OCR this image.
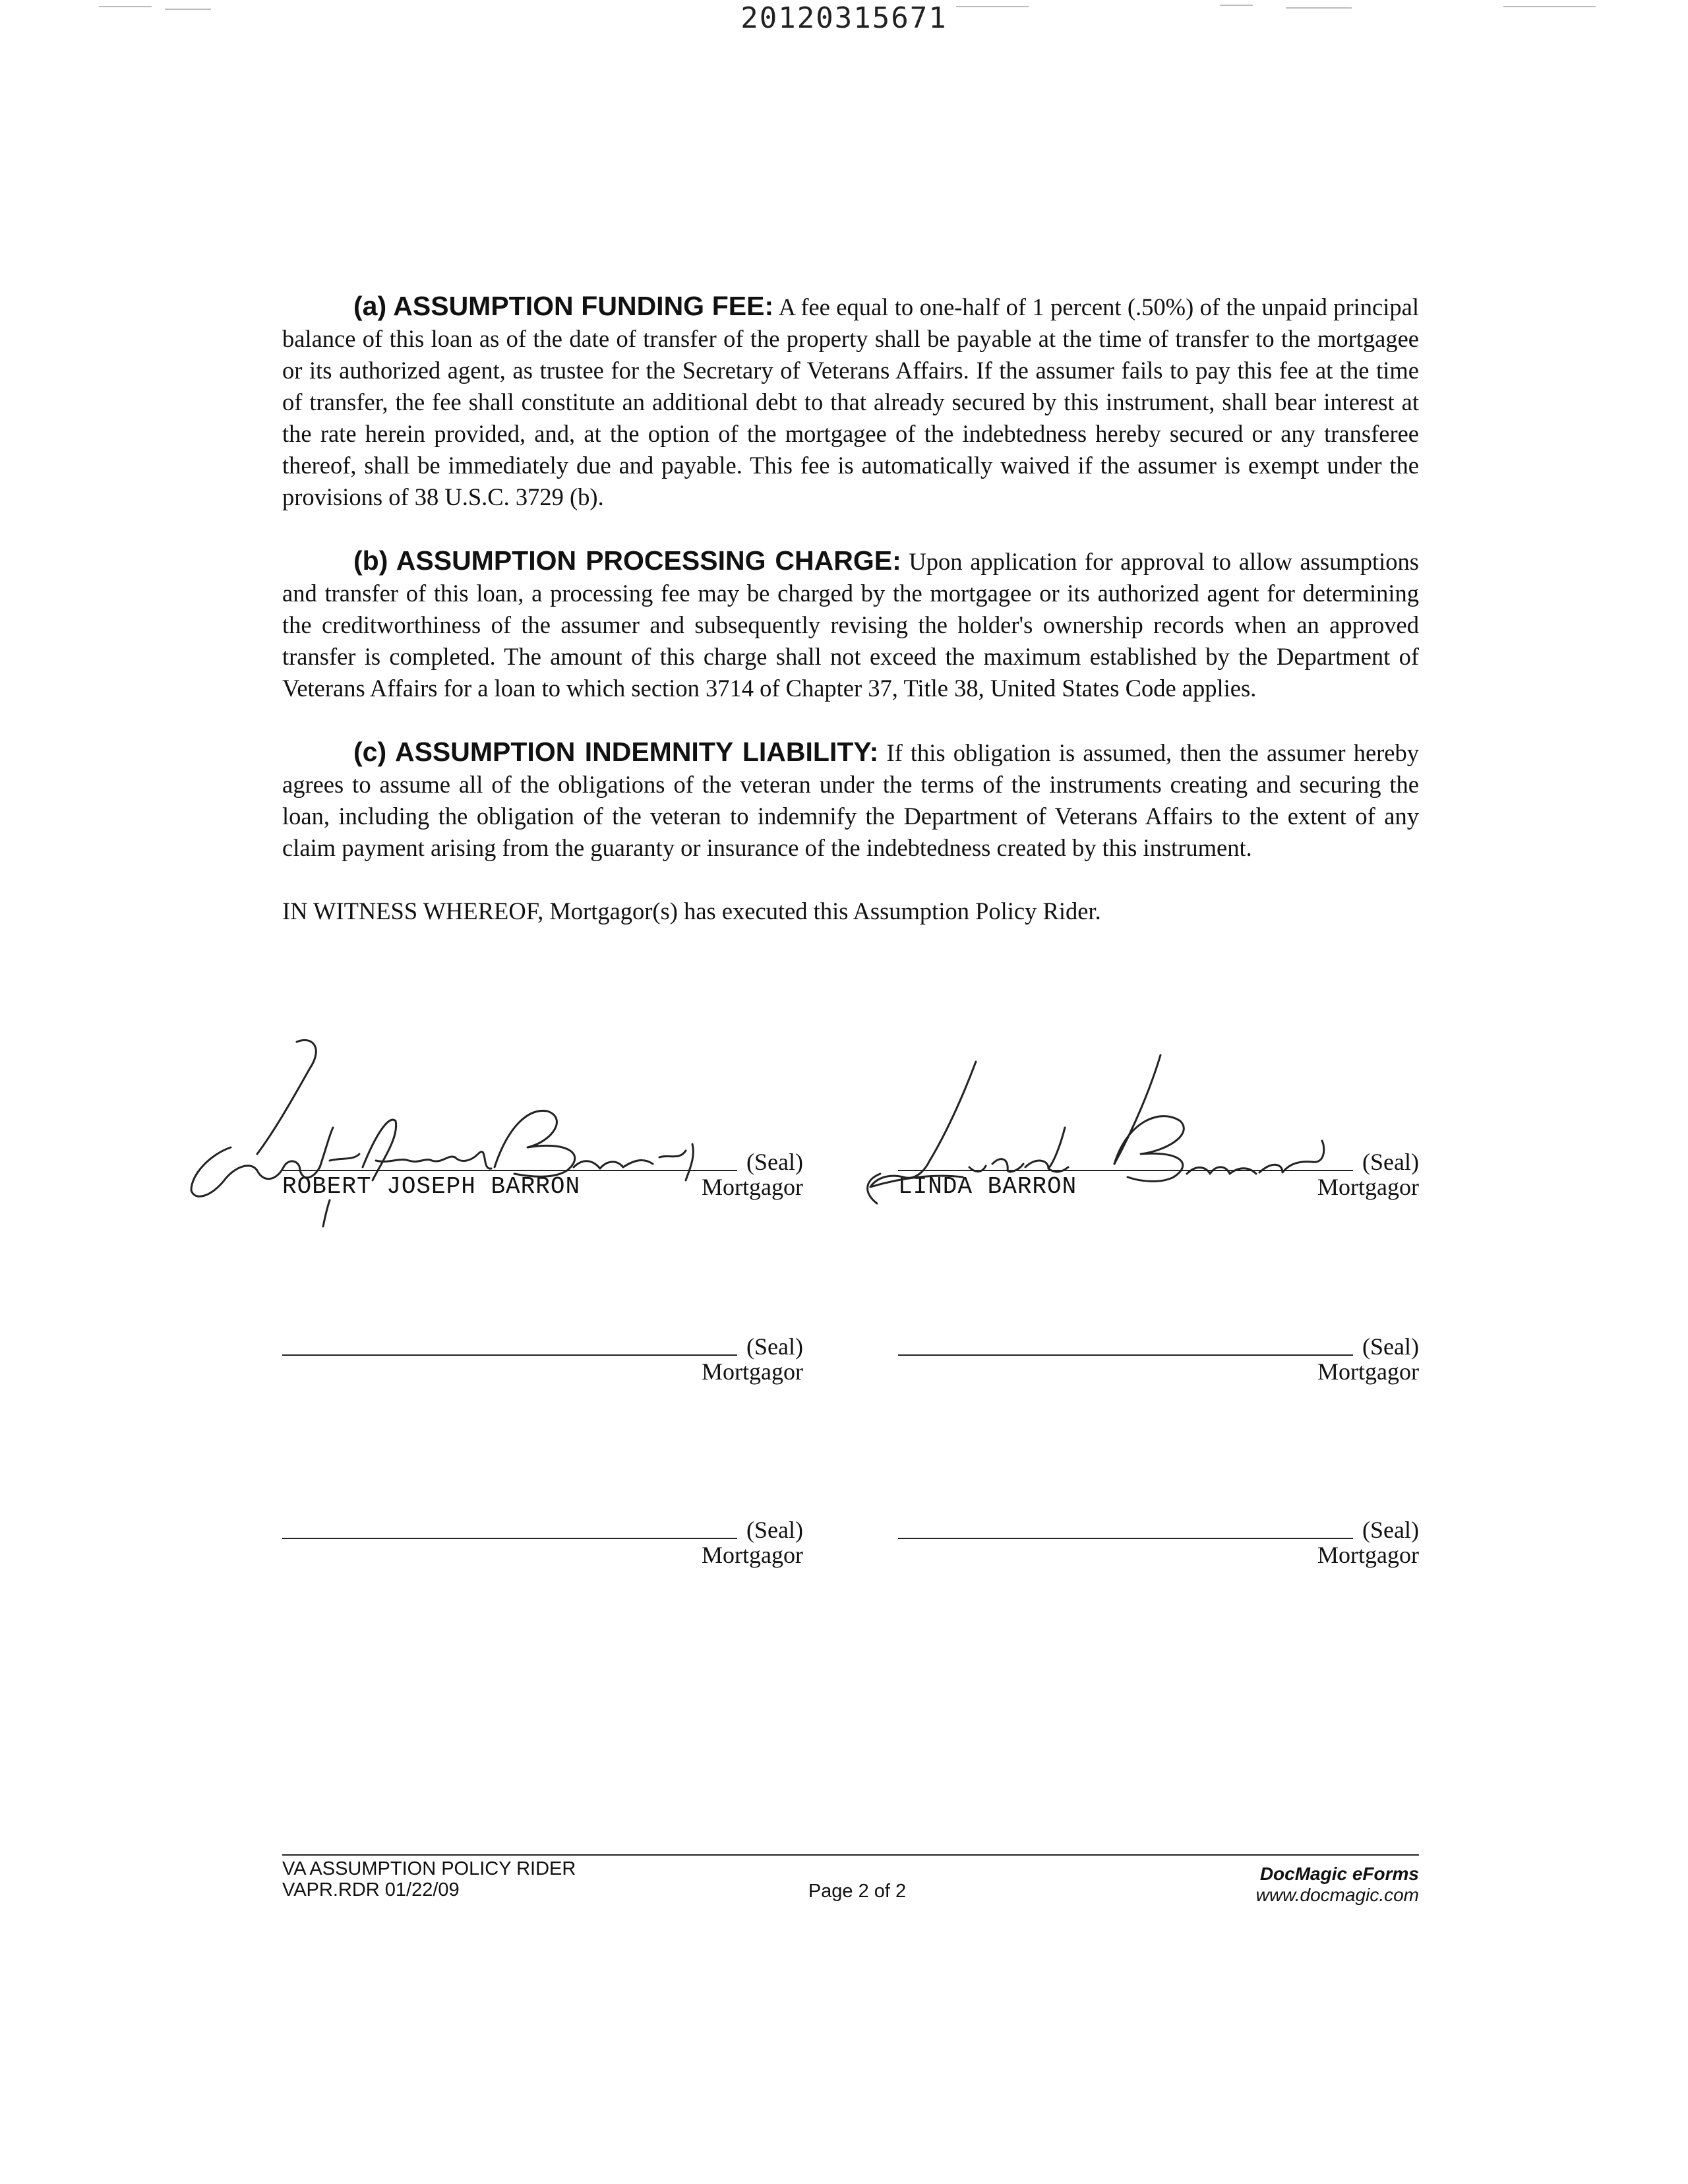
20120315671

(a) ASSUMPTION FUNDING FEE: A fee equal to one-half of 1 percent (.50%) of the unpaid principal balance of this loan as of the date of transfer of the property shall be payable at the time of transfer to the mortgagee or its authorized agent, as trustee for the Secretary of Veterans Affairs. If the assumer fails to pay this fee at the time of transfer, the fee shall constitute an additional debt to that already secured by this instrument, shall bear interest at the rate herein provided, and, at the option of the mortgagee of the indebtedness hereby secured or any transferee thereof, shall be immediately due and payable. This fee is automatically waived if the assumer is exempt under the provisions of 38 U.S.C. 3729 (b).

(b) ASSUMPTION PROCESSING CHARGE: Upon application for approval to allow assumptions and transfer of this loan, a processing fee may be charged by the mortgagee or its authorized agent for determining the creditworthiness of the assumer and subsequently revising the holder's ownership records when an approved transfer is completed. The amount of this charge shall not exceed the maximum established by the Department of Veterans Affairs for a loan to which section 3714 of Chapter 37, Title 38, United States Code applies.

(c) ASSUMPTION INDEMNITY LIABILITY: If this obligation is assumed, then the assumer hereby agrees to assume all of the obligations of the veteran under the terms of the instruments creating and securing the loan, including the obligation of the veteran to indemnify the Department of Veterans Affairs to the extent of any claim payment arising from the guaranty or insurance of the indebtedness created by this instrument.

IN WITNESS WHEREOF, Mortgagor(s) has executed this Assumption Policy Rider.

(Seal)
ROBERT JOSEPH BARRON	Mortgagor
(Seal)
LINDA BARRON	Mortgagor
(Seal)
Mortgagor
(Seal)
Mortgagor
(Seal)
Mortgagor
(Seal)
Mortgagor
VA ASSUMPTION POLICY RIDER
VAPR.RDR 01/22/09	Page 2 of 2
DocMagic eForms
www.docmagic.com
